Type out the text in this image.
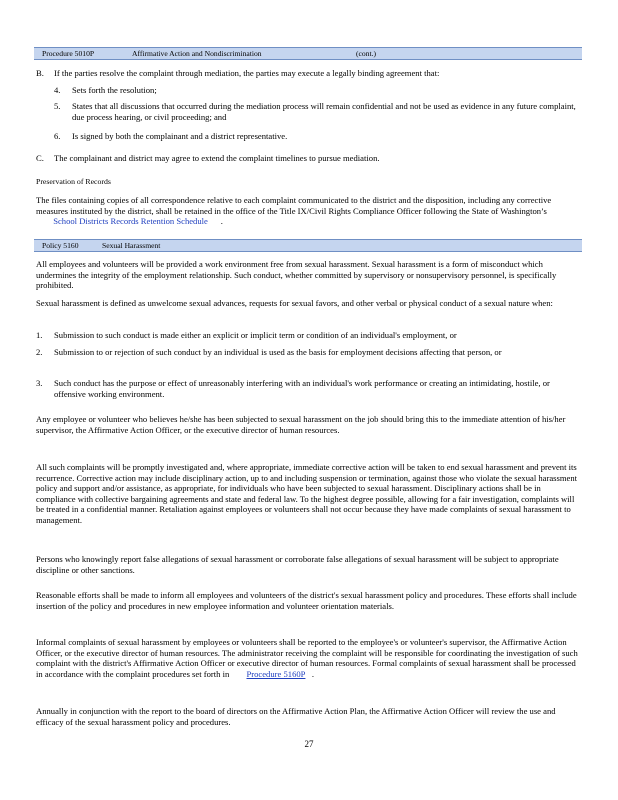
Procedure 5010P	Affirmative Action and Nondiscrimination	(cont.)
B. If the parties resolve the complaint through mediation, the parties may execute a legally binding agreement that:
4. Sets forth the resolution;
5. States that all discussions that occurred during the mediation process will remain confidential and not be used as evidence in any future complaint, due process hearing, or civil proceeding; and
6. Is signed by both the complainant and a district representative.
C. The complainant and district may agree to extend the complaint timelines to pursue mediation.
Preservation of Records

The files containing copies of all correspondence relative to each complaint communicated to the district and the disposition, including any corrective measures instituted by the district, shall be retained in the office of the Title IX/Civil Rights Compliance Officer following the State of Washington’s         School Districts Records Retention Schedule .

Policy 5160	Sexual Harassment
All employees and volunteers will be provided a work environment free from sexual harassment. Sexual harassment is a form of misconduct which undermines the integrity of the employment relationship. Such conduct, whether committed by supervisory or nonsupervisory personnel, is specifically prohibited.
Sexual harassment is defined as unwelcome sexual advances, requests for sexual favors, and other verbal or physical conduct of a sexual nature when:
1. Submission to such conduct is made either an explicit or implicit term or condition of an individual's employment, or
2. Submission to or rejection of such conduct by an individual is used as the basis for employment decisions affecting that person, or
3. Such conduct has the purpose or effect of unreasonably interfering with an individual's work performance or creating an intimidating, hostile, or offensive working environment.
Any employee or volunteer who believes he/she has been subjected to sexual harassment on the job should bring this to the immediate attention of his/her supervisor, the Affirmative Action Officer, or the executive director of human resources.
All such complaints will be promptly investigated and, where appropriate, immediate corrective action will be taken to end sexual harassment and prevent its recurrence. Corrective action may include disciplinary action, up to and including suspension or termination, against those who violate the sexual harassment policy and support and/or assistance, as appropriate, for individuals who have been subjected to sexual harassment. Disciplinary actions shall be in compliance with collective bargaining agreements and state and federal law. To the highest degree possible, allowing for a fair investigation, complaints will be treated in a confidential manner. Retaliation against employees or volunteers shall not occur because they have made complaints of sexual harassment to management.
Persons who knowingly report false allegations of sexual harassment or corroborate false allegations of sexual harassment will be subject to appropriate discipline or other sanctions.
Reasonable efforts shall be made to inform all employees and volunteers of the district's sexual harassment policy and procedures. These efforts shall include insertion of the policy and procedures in new employee information and volunteer orientation materials.

Informal complaints of sexual harassment by employees or volunteers shall be reported to the employee's or volunteer's supervisor, the Affirmative Action Officer, or the executive director of human resources. The administrator receiving the complaint will be responsible for coordinating the investigation of such complaint with the district's Affirmative Action Officer or executive director of human resources. Formal complaints of sexual harassment shall be processed in accordance with the complaint procedures set forth in Procedure 5160P .

Annually in conjunction with the report to the board of directors on the Affirmative Action Plan, the Affirmative Action Officer will review the use and efficacy of the sexual harassment policy and procedures.
27
